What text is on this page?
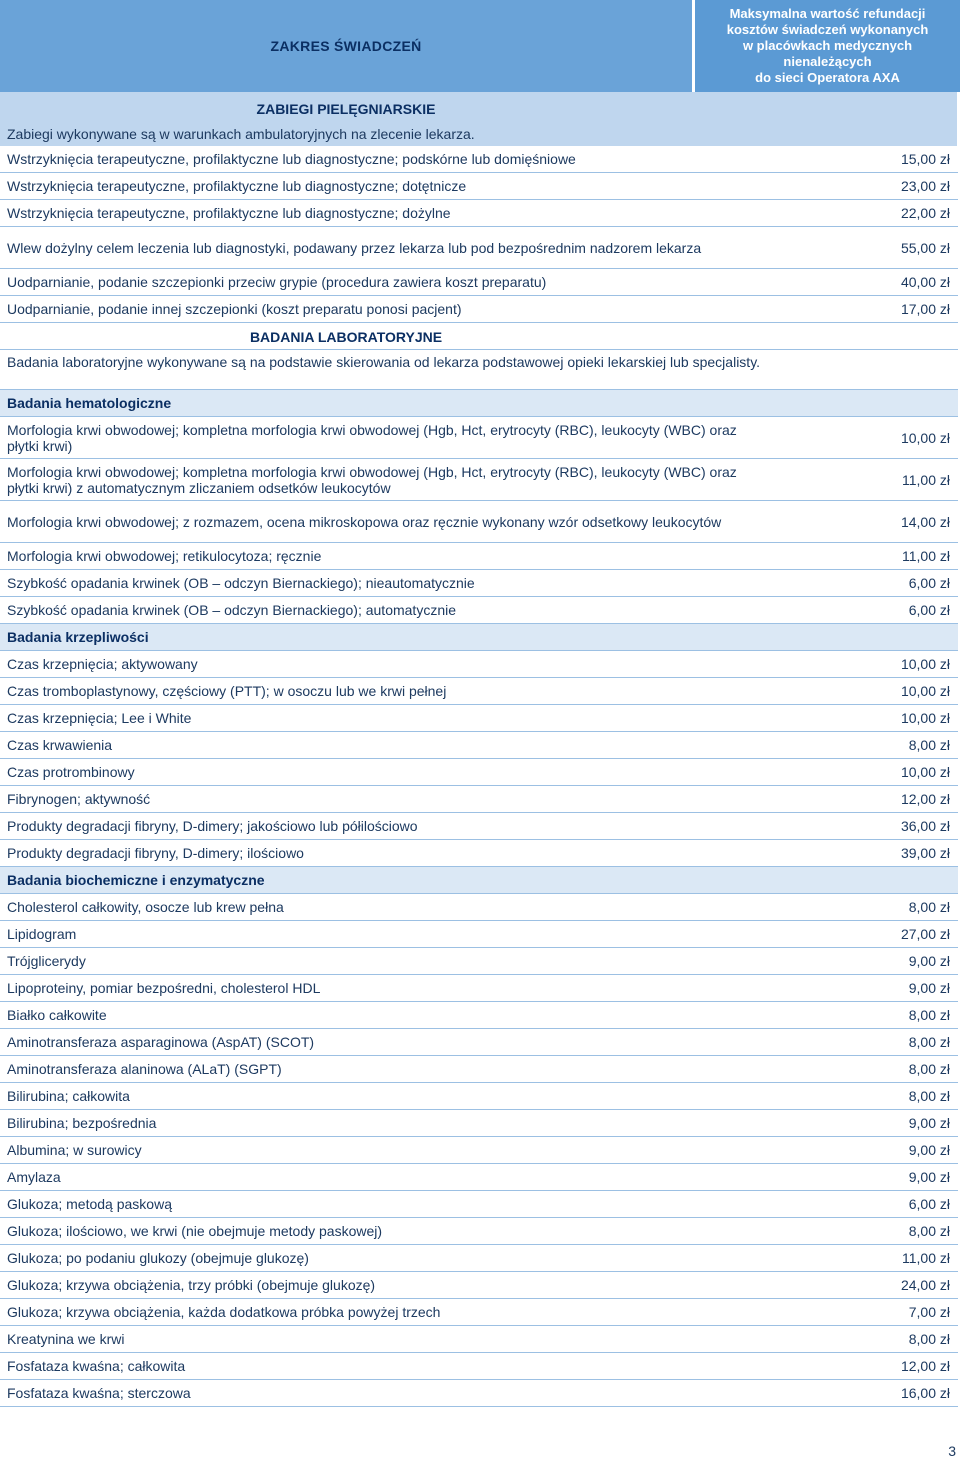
ZAKRES ŚWIADCZEŃ
Maksymalna wartość refundacji
kosztów świadczeń wykonanych
w placówkach medycznych
nienależących
do sieci Operatora AXA
ZABIEGI PIELĘGNIARSKIE
Zabiegi wykonywane są w warunkach ambulatoryjnych na zlecenie lekarza.
Wstrzyknięcia terapeutyczne, profilaktyczne lub diagnostyczne; podskórne lub domięśniowe	15,00 zł
Wstrzyknięcia terapeutyczne, profilaktyczne lub diagnostyczne; dotętnicze	23,00 zł
Wstrzyknięcia terapeutyczne, profilaktyczne lub diagnostyczne; dożylne	22,00 zł
Wlew dożylny celem leczenia lub diagnostyki, podawany przez lekarza lub pod bezpośrednim nadzorem lekarza	55,00 zł
Uodparnianie, podanie szczepionki przeciw grypie (procedura zawiera koszt preparatu)	40,00 zł
Uodparnianie, podanie innej szczepionki (koszt preparatu ponosi pacjent)	17,00 zł
BADANIA LABORATORYJNE
Badania laboratoryjne wykonywane są na podstawie skierowania od lekarza podstawowej opieki lekarskiej lub specjalisty.
Badania hematologiczne
Morfologia krwi obwodowej; kompletna morfologia krwi obwodowej (Hgb, Hct, erytrocyty (RBC), leukocyty (WBC) oraz płytki krwi)	10,00 zł
Morfologia krwi obwodowej; kompletna morfologia krwi obwodowej (Hgb, Hct, erytrocyty (RBC), leukocyty (WBC) oraz płytki krwi) z automatycznym zliczaniem odsetków leukocytów	11,00 zł
Morfologia krwi obwodowej; z rozmazem, ocena mikroskopowa oraz ręcznie wykonany wzór odsetkowy leukocytów	14,00 zł
Morfologia krwi obwodowej; retikulocytoza; ręcznie	11,00 zł
Szybkość opadania krwinek (OB – odczyn Biernackiego); nieautomatycznie	6,00 zł
Szybkość opadania krwinek (OB – odczyn Biernackiego); automatycznie	6,00 zł
Badania krzepliwości
Czas krzepnięcia; aktywowany	10,00 zł
Czas tromboplastynowy, częściowy (PTT); w osoczu lub we krwi pełnej	10,00 zł
Czas krzepnięcia; Lee i White	10,00 zł
Czas krwawienia	8,00 zł
Czas protrombinowy	10,00 zł
Fibrynogen; aktywność	12,00 zł
Produkty degradacji fibryny, D-dimery; jakościowo lub półilościowo	36,00 zł
Produkty degradacji fibryny, D-dimery; ilościowo	39,00 zł
Badania biochemiczne i enzymatyczne
Cholesterol całkowity, osocze lub krew pełna	8,00 zł
Lipidogram	27,00 zł
Trójglicerydy	9,00 zł
Lipoproteiny, pomiar bezpośredni, cholesterol HDL	9,00 zł
Białko całkowite	8,00 zł
Aminotransferaza asparaginowa (AspAT) (SCOT)	8,00 zł
Aminotransferaza alaninowa (ALaT) (SGPT)	8,00 zł
Bilirubina; całkowita	8,00 zł
Bilirubina; bezpośrednia	9,00 zł
Albumina; w surowicy	9,00 zł
Amylaza	9,00 zł
Glukoza; metodą paskową	6,00 zł
Glukoza; ilościowo, we krwi (nie obejmuje metody paskowej)	8,00 zł
Glukoza; po podaniu glukozy (obejmuje glukozę)	11,00 zł
Glukoza; krzywa obciążenia, trzy próbki (obejmuje glukozę)	24,00 zł
Glukoza; krzywa obciążenia, każda dodatkowa próbka powyżej trzech	7,00 zł
Kreatynina we krwi	8,00 zł
Fosfataza kwaśna; całkowita	12,00 zł
Fosfataza kwaśna; sterczowa	16,00 zł
3
